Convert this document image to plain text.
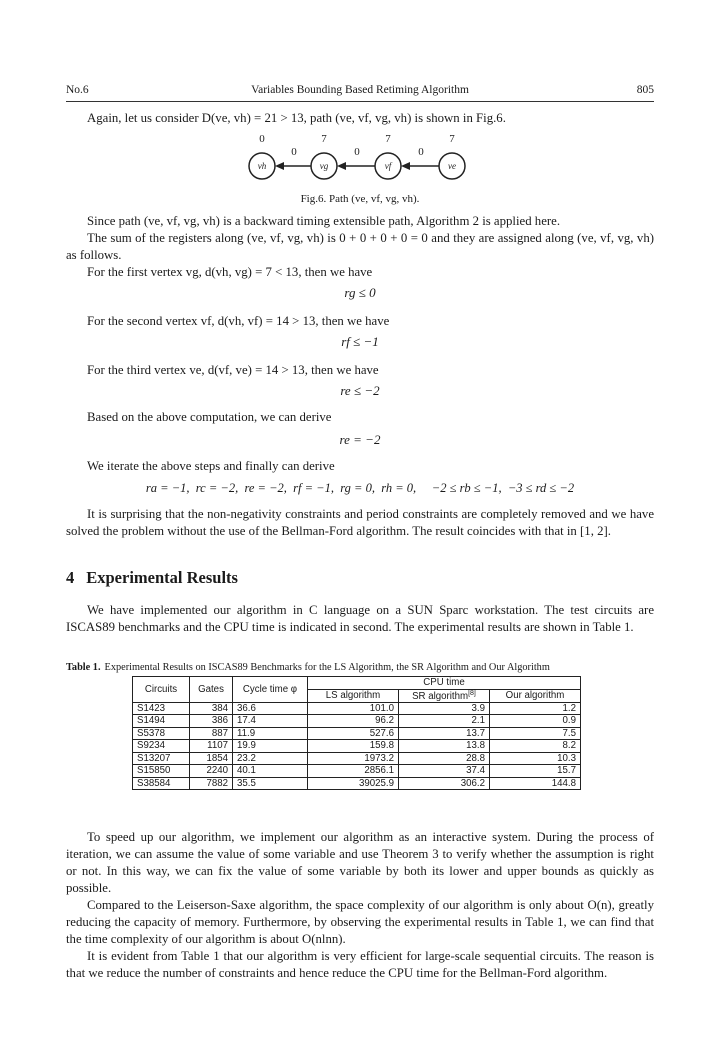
No.6	Variables Bounding Based Retiming Algorithm	805
Again, let us consider D(ve, vh) = 21 > 13, path (ve, vf, vg, vh) is shown in Fig.6.
0	7	7	7
0	0	0
vh	vg	vf	ve
Fig.6. Path (ve, vf, vg, vh).
Since path (ve, vf, vg, vh) is a backward timing extensible path, Algorithm 2 is applied here.
The sum of the registers along (ve, vf, vg, vh) is 0 + 0 + 0 + 0 = 0 and they are assigned along (ve, vf, vg, vh) as follows.
For the first vertex vg, d(vh, vg) = 7 < 13, then we have
rg ≤ 0
For the second vertex vf, d(vh, vf) = 14 > 13, then we have
rf ≤ −1
For the third vertex ve, d(vf, ve) = 14 > 13, then we have
re ≤ −2
Based on the above computation, we can derive
re = −2
We iterate the above steps and finally can derive
ra = −1,  rc = −2,  re = −2,  rf = −1,  rg = 0,  rh = 0,     −2 ≤ rb ≤ −1,  −3 ≤ rd ≤ −2
It is surprising that the non-negativity constraints and period constraints are completely removed and we have solved the problem without the use of the Bellman-Ford algorithm. The result coincides with that in [1, 2].
4 Experimental Results
We have implemented our algorithm in C language on a SUN Sparc workstation. The test circuits are ISCAS89 benchmarks and the CPU time is indicated in second. The experimental results are shown in Table 1.
Table 1. Experimental Results on ISCAS89 Benchmarks for the LS Algorithm, the SR Algorithm and Our Algorithm
Circuits	Gates	Cycle time φ	CPU time		
			LS algorithm	SR algorithm[8]	Our algorithm
S1423	384	36.6	101.0	3.9	1.2
S1494	386	17.4	96.2	2.1	0.9
S5378	887	11.9	527.6	13.7	7.5
S9234	1107	19.9	159.8	13.8	8.2
S13207	1854	23.2	1973.2	28.8	10.3
S15850	2240	40.1	2856.1	37.4	15.7
S38584	7882	35.5	39025.9	306.2	144.8
To speed up our algorithm, we implement our algorithm as an interactive system. During the process of iteration, we can assume the value of some variable and use Theorem 3 to verify whether the assumption is right or not. In this way, we can fix the value of some variable by both its lower and upper bounds as quickly as possible.
Compared to the Leiserson-Saxe algorithm, the space complexity of our algorithm is only about O(n), greatly reducing the capacity of memory. Furthermore, by observing the experimental results in Table 1, we can find that the time complexity of our algorithm is about O(nlnn).
It is evident from Table 1 that our algorithm is very efficient for large-scale sequential circuits. The reason is that we reduce the number of constraints and hence reduce the CPU time for the Bellman-Ford algorithm.
